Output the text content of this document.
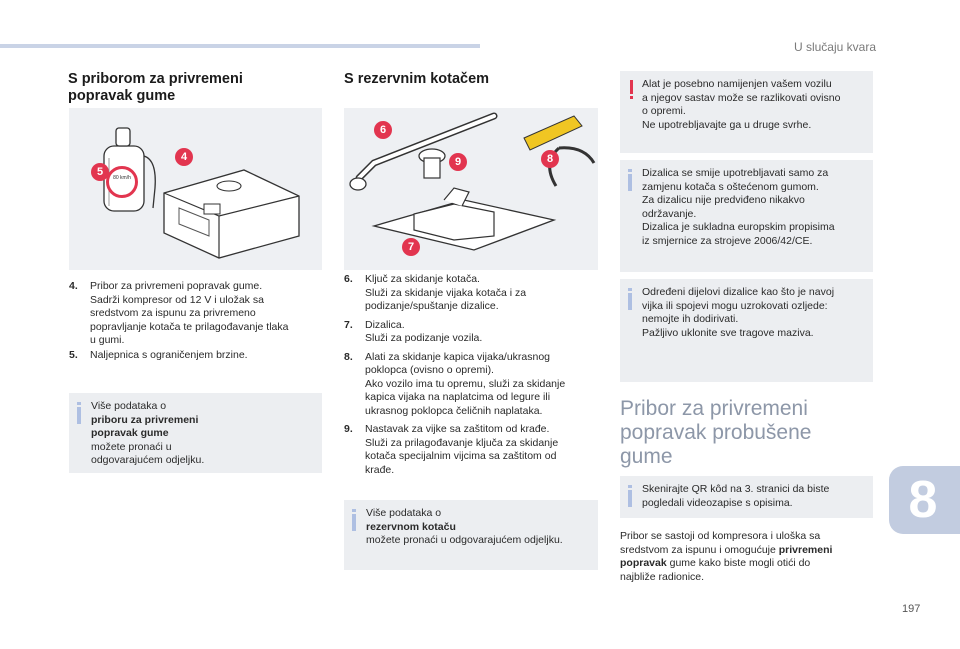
U slučaju kvara
S priborom za privremeni
popravak gume
80 km/h
4
5
4. Pribor za privremeni popravak gume.
Sadrži kompresor od 12 V i uložak sa
sredstvom za ispunu za privremeno
popravljanje kotača te prilagođavanje tlaka
u gumi.
5. Naljepnica s ograničenjem brzine.
Više podataka o
priboru za privremeni
popravak gume
možete pronaći u
odgovarajućem odjeljku.
S rezervnim kotačem
6
9	8
7
6. Ključ za skidanje kotača.
Služi za skidanje vijaka kotača i za
podizanje/spuštanje dizalice.
7. Dizalica.
Služi za podizanje vozila.
8. Alati za skidanje kapica vijaka/ukrasnog
poklopca (ovisno o opremi).
Ako vozilo ima tu opremu, služi za skidanje
kapica vijaka na naplatcima od legure ili
ukrasnog poklopca čeličnih naplataka.
9. Nastavak za vijke sa zaštitom od krađe.
Služi za prilagođavanje ključa za skidanje
kotača specijalnim vijcima sa zaštitom od
krađe.
Više podataka o
rezervnom kotaču
možete pronaći u odgovarajućem odjeljku.
Alat je posebno namijenjen vašem vozilu
a njegov sastav može se razlikovati ovisno
o opremi.
Ne upotrebljavajte ga u druge svrhe.
Dizalica se smije upotrebljavati samo za
zamjenu kotača s oštećenom gumom.
Za dizalicu nije predviđeno nikakvo
održavanje.
Dizalica je sukladna europskim propisima
iz smjernice za strojeve 2006/42/CE.
Određeni dijelovi dizalice kao što je navoj
vijka ili spojevi mogu uzrokovati ozljede:
nemojte ih dodirivati.
Pažljivo uklonite sve tragove maziva.
Pribor za privremeni
popravak probušene
gume
Skenirajte QR kôd na 3. stranici da biste
pogledali videozapise s opisima.
Pribor se sastoji od kompresora i uloška sa
sredstvom za ispunu i omogućuje privremeni
popravak gume kako biste mogli otići do
najbliže radionice.
8
197
